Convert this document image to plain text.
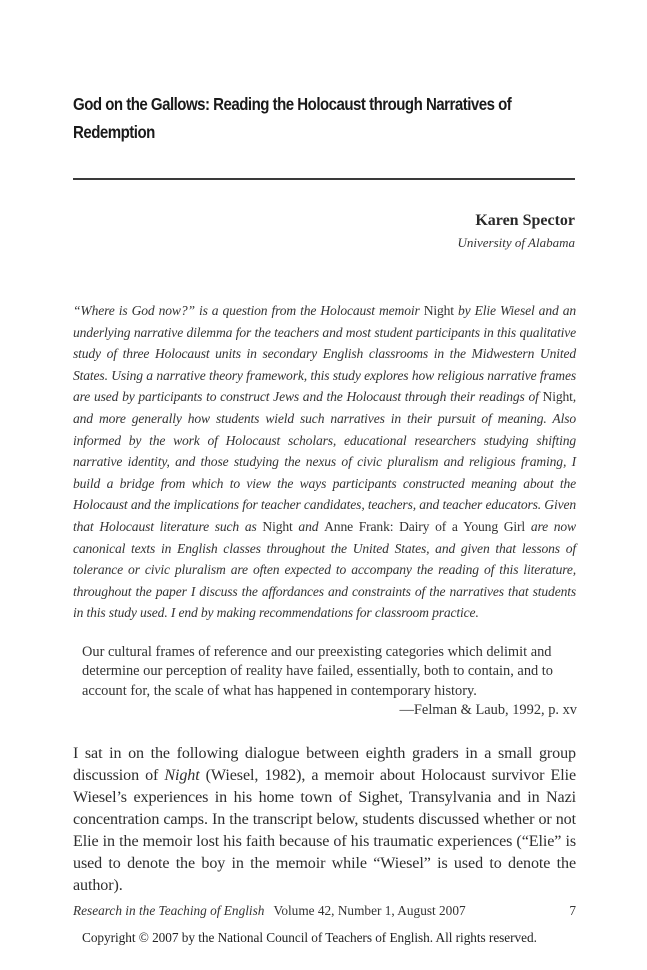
God on the Gallows: Reading the Holocaust through Narratives of
Redemption
Karen Spector
University of Alabama
“Where is God now?” is a question from the Holocaust memoir Night by Elie Wiesel and an underlying narrative dilemma for the teachers and most student participants in this qualitative study of three Holocaust units in secondary English classrooms in the Midwestern United States. Using a narrative theory framework, this study explores how religious narrative frames are used by participants to construct Jews and the Holocaust through their readings of Night, and more generally how students wield such narratives in their pursuit of meaning. Also informed by the work of Holocaust scholars, educational researchers studying shifting narrative identity, and those studying the nexus of civic pluralism and religious framing, I build a bridge from which to view the ways participants constructed meaning about the Holocaust and the implications for teacher candidates, teachers, and teacher educators. Given that Holocaust literature such as Night and Anne Frank: Dairy of a Young Girl are now canonical texts in English classes throughout the United States, and given that lessons of tolerance or civic pluralism are often expected to accompany the reading of this literature, throughout the paper I discuss the affordances and constraints of the narratives that students in this study used. I end by making recommendations for classroom practice.

Our cultural frames of reference and our preexisting categories which delimit and determine our perception of reality have failed, essentially, both to contain, and to account for, the scale of what has happened in contemporary history.

—Felman & Laub, 1992, p. xv

I sat in on the following dialogue between eighth graders in a small group discussion of Night (Wiesel, 1982), a memoir about Holocaust survivor Elie Wiesel’s experiences in his home town of Sighet, Transylvania and in Nazi concentration camps. In the transcript below, students discussed whether or not Elie in the memoir lost his faith because of his traumatic experiences (“Elie” is used to denote the boy in the memoir while “Wiesel” is used to denote the author).
Research in the Teaching of English Volume 42, Number 1, August 2007	7
Copyright © 2007 by the National Council of Teachers of English. All rights reserved.
